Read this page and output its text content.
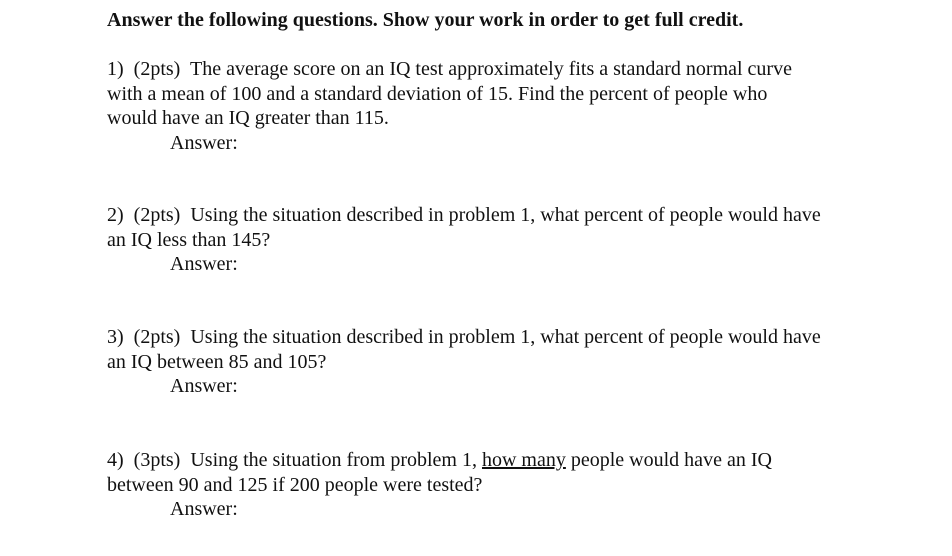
Answer the following questions. Show your work in order to get full credit.

1) (2pts) The average score on an IQ test approximately fits a standard normal curve

with a mean of 100 and a standard deviation of 15. Find the percent of people who

would have an IQ greater than 115.

Answer:

2) (2pts) Using the situation described in problem 1, what percent of people would have

an IQ less than 145?

Answer:

3) (2pts) Using the situation described in problem 1, what percent of people would have

an IQ between 85 and 105?

Answer:

4) (3pts) Using the situation from problem 1, how many people would have an IQ

between 90 and 125 if 200 people were tested?

Answer:
